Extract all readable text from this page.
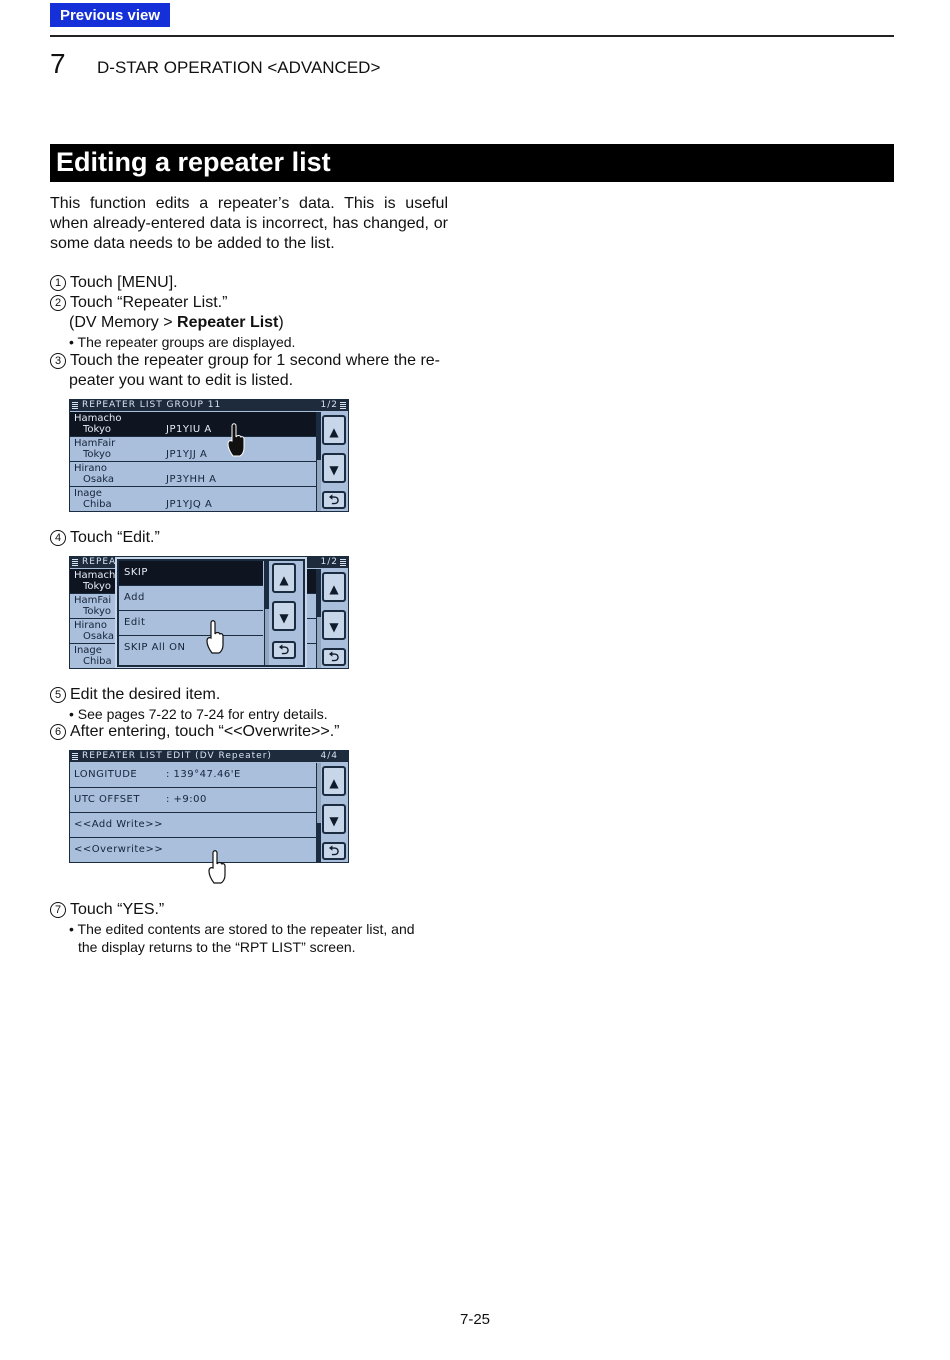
Previous view
7 D-STAR OPERATION <ADVANCED>
Editing a repeater list
This function edits a repeater’s data. This is useful when already-entered data is incorrect, has changed, or some data needs to be added to the list.
1 Touch [MENU].
2 Touch “Repeater List.”
(DV Memory > Repeater List)
• The repeater groups are displayed.
3 Touch the repeater group for 1 second where the re-
peater you want to edit is listed.
REPEATER LIST GROUP 11	1/2
Hamacho
Tokyo	JP1YIU A
HamFair
Tokyo	JP1YJJ A
Hirano
Osaka	JP3YHH A
Inage
Chiba	JP1YJQ A
▲
▼
⮌
4 Touch “Edit.”
REPEA	1/2
Hamach
Tokyo
HamFai
Tokyo
Hirano
Osaka
Inage
Chiba
▲
▼
⮌
SKIP
Add
Edit
SKIP All ON
▲
▼
⮌
5 Edit the desired item.
• See pages 7-22 to 7-24 for entry details.
6 After entering, touch “<<Overwrite>>.”
REPEATER LIST EDIT (DV Repeater)	4/4
LONGITUDE	: 139°47.46'E
UTC OFFSET	: +9:00
<<Add Write>>
<<Overwrite>>
▲
▼
⮌
7 Touch “YES.”
• The edited contents are stored to the repeater list, and
the display returns to the “RPT LIST” screen.
7-25
